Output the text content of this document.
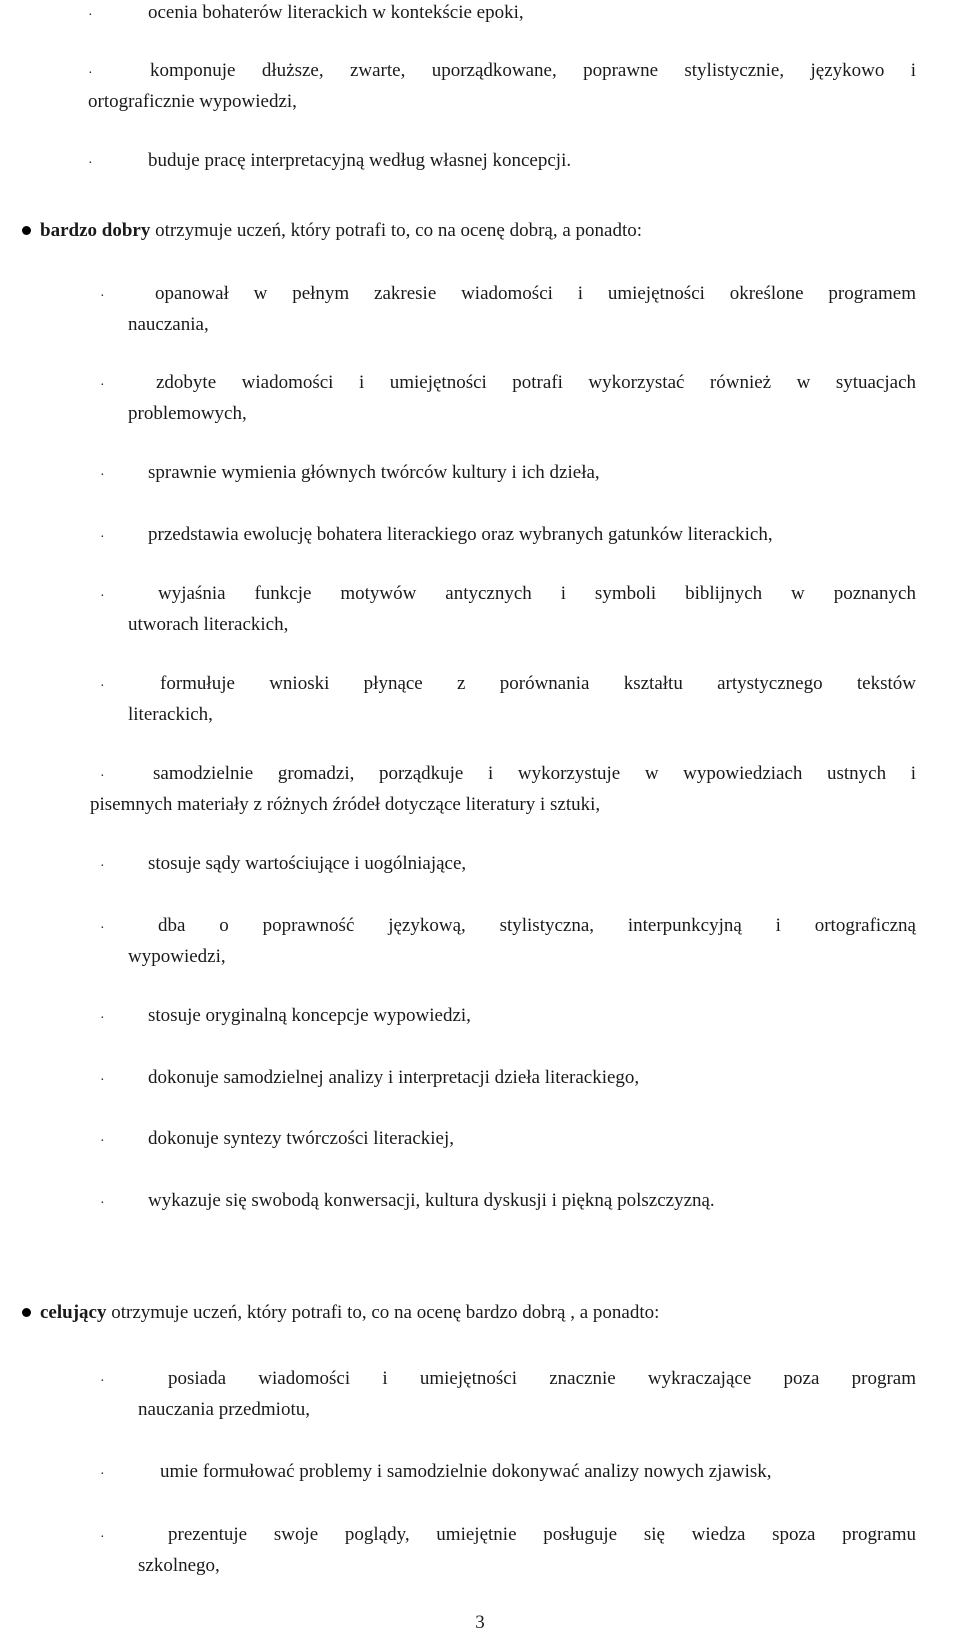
·	ocenia bohaterów literackich w kontekście epoki,
·	komponuje dłuższe, zwarte, uporządkowane, poprawne stylistycznie, językowo i
ortograficznie wypowiedzi,
·	buduje pracę interpretacyjną według własnej koncepcji.
bardzo dobry otrzymuje uczeń, który potrafi to, co na ocenę dobrą, a ponadto:
·	opanował w pełnym zakresie wiadomości i umiejętności określone programem
nauczania,
·	zdobyte wiadomości i umiejętności potrafi wykorzystać również w sytuacjach
problemowych,
· sprawnie wymienia głównych twórców kultury i ich dzieła,
· przedstawia ewolucję bohatera literackiego oraz wybranych gatunków literackich,
·	wyjaśnia funkcje motywów antycznych i symboli biblijnych w poznanych
utworach literackich,
·	formułuje wnioski płynące z porównania kształtu artystycznego tekstów
literackich,
·	samodzielnie gromadzi, porządkuje i wykorzystuje w wypowiedziach ustnych i
pisemnych materiały z różnych źródeł dotyczące literatury i sztuki,
· stosuje sądy wartościujące i uogólniające,
·	dba o poprawność językową, stylistyczna, interpunkcyjną i ortograficzną
wypowiedzi,
· stosuje oryginalną koncepcje wypowiedzi,
· dokonuje samodzielnej analizy i interpretacji dzieła literackiego,
· dokonuje syntezy twórczości literackiej,
· wykazuje się swobodą konwersacji, kultura dyskusji i piękną polszczyzną.
celujący otrzymuje uczeń, który potrafi to, co na ocenę bardzo dobrą , a ponadto:
·	posiada wiadomości i umiejętności znacznie wykraczające poza program
nauczania przedmiotu,
·	umie formułować problemy i samodzielnie dokonywać analizy nowych zjawisk,
·	prezentuje swoje poglądy, umiejętnie posługuje się wiedza spoza programu
szkolnego,
3
